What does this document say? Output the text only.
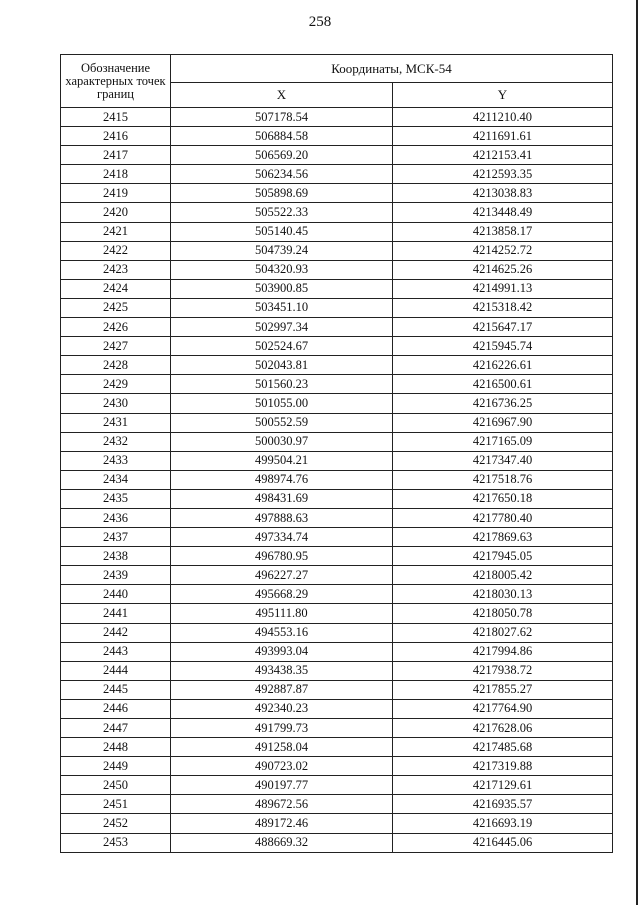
258
Обозначение характерных точек границ	Координаты, МСК-54	
	X	Y
2415	507178.54	4211210.40
2416	506884.58	4211691.61
2417	506569.20	4212153.41
2418	506234.56	4212593.35
2419	505898.69	4213038.83
2420	505522.33	4213448.49
2421	505140.45	4213858.17
2422	504739.24	4214252.72
2423	504320.93	4214625.26
2424	503900.85	4214991.13
2425	503451.10	4215318.42
2426	502997.34	4215647.17
2427	502524.67	4215945.74
2428	502043.81	4216226.61
2429	501560.23	4216500.61
2430	501055.00	4216736.25
2431	500552.59	4216967.90
2432	500030.97	4217165.09
2433	499504.21	4217347.40
2434	498974.76	4217518.76
2435	498431.69	4217650.18
2436	497888.63	4217780.40
2437	497334.74	4217869.63
2438	496780.95	4217945.05
2439	496227.27	4218005.42
2440	495668.29	4218030.13
2441	495111.80	4218050.78
2442	494553.16	4218027.62
2443	493993.04	4217994.86
2444	493438.35	4217938.72
2445	492887.87	4217855.27
2446	492340.23	4217764.90
2447	491799.73	4217628.06
2448	491258.04	4217485.68
2449	490723.02	4217319.88
2450	490197.77	4217129.61
2451	489672.56	4216935.57
2452	489172.46	4216693.19
2453	488669.32	4216445.06
